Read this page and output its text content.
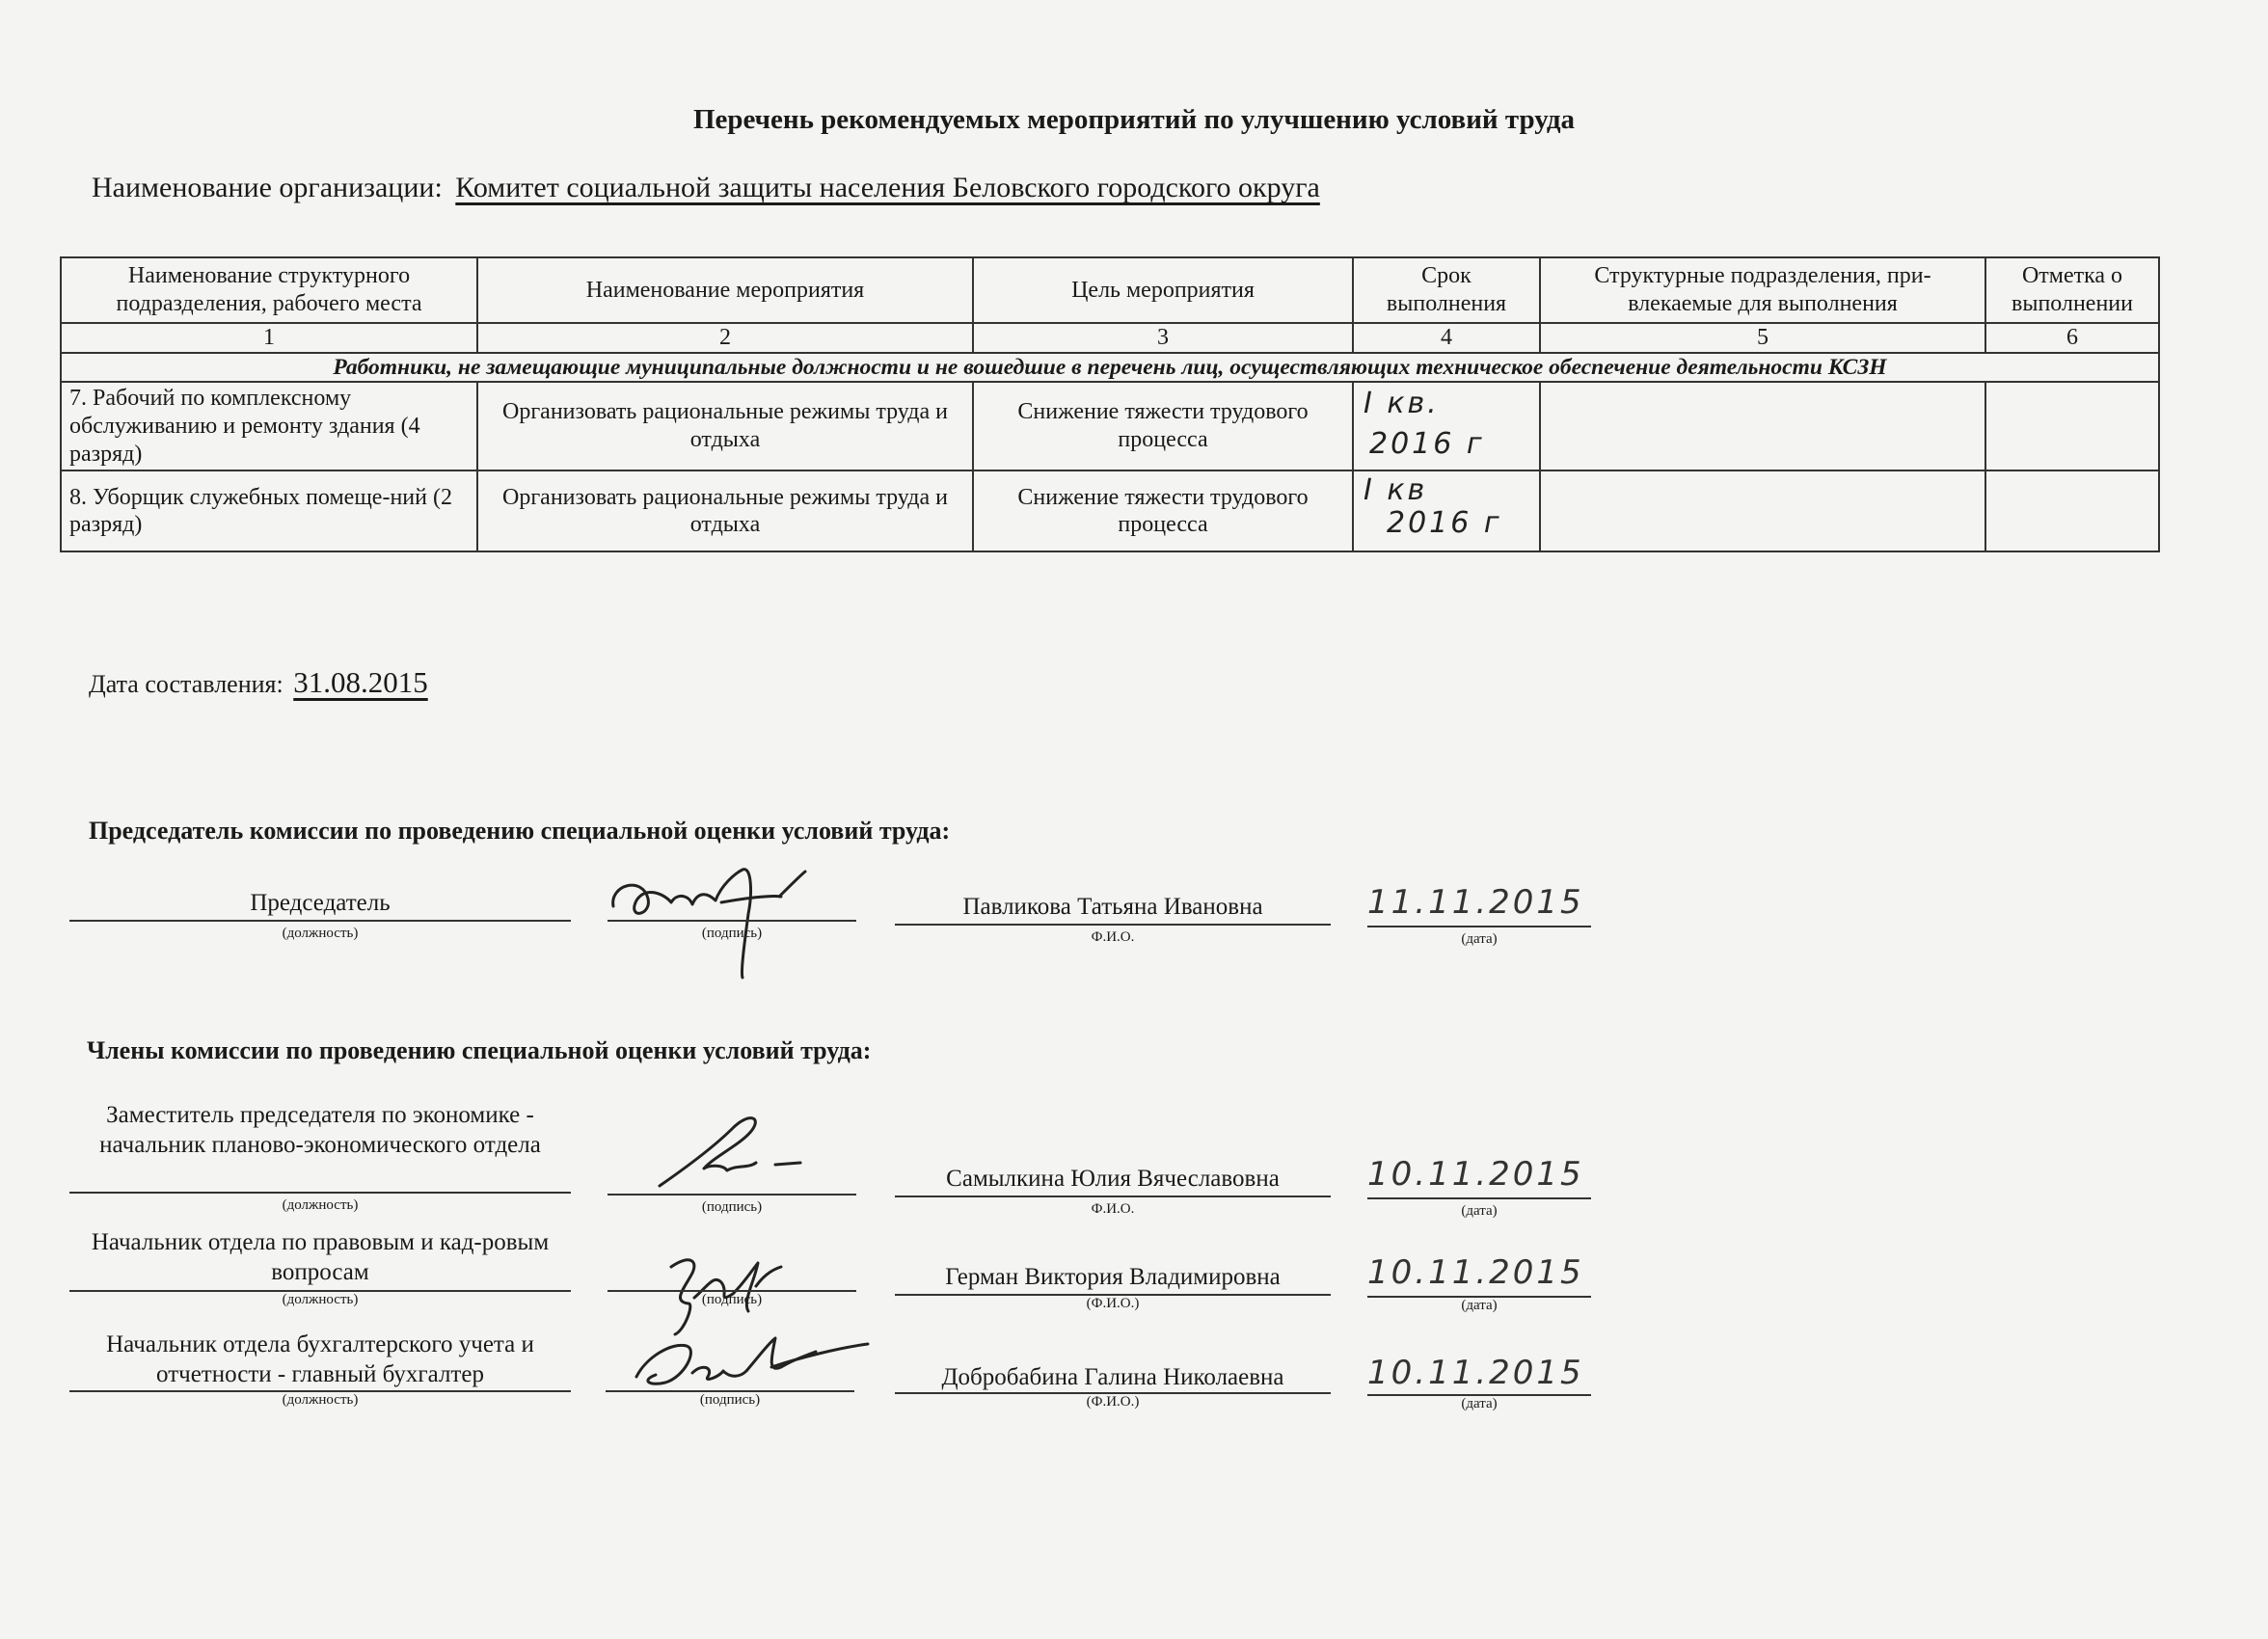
Перечень рекомендуемых мероприятий по улучшению условий труда
Наименование организации: Комитет социальной защиты населения Беловского городского округа
Наименование структурного подразделения, рабочего места	Наименование мероприятия	Цель мероприятия	Срок выполнения	Структурные подразделения, при-влекаемые для выполнения	Отметка о выполнении
1	2	3	4	5	6
Работники, не замещающие муниципальные должности и не вошедшие в перечень лиц, осуществляющих техническое обеспечение деятельности КСЗН					
7. Рабочий по комплексному обслуживанию и ремонту здания (4 разряд)	Организовать рациональные режимы труда и отдыха	Снижение тяжести трудового процесса	I кв.
2016 г		

8. Уборщик служебных помеще-ний (2 разряд)	Организовать рациональные режимы труда и отдыха	Снижение тяжести трудового процесса	I кв
2016 г		

Дата составления: 31.08.2015
Председатель комиссии по проведению специальной оценки условий труда:
Председатель
(должность)	(подпись)
Павликова Татьяна Ивановна
Ф.И.О.
11.11.2015
(дата)
Члены комиссии по проведению специальной оценки условий труда:
Заместитель председателя по экономике - начальник планово-экономического отдела
(должность)	(подпись)
Самылкина Юлия Вячеславовна
Ф.И.О.
10.11.2015
(дата)
Начальник отдела по правовым и кад-ровым вопросам
(должность)	(подпись)
Герман Виктория Владимировна
(Ф.И.О.)
10.11.2015
(дата)
Начальник отдела бухгалтерского учета и отчетности - главный бухгалтер
(должность)	(подпись)
Добробабина Галина Николаевна
(Ф.И.О.)
10.11.2015
(дата)
